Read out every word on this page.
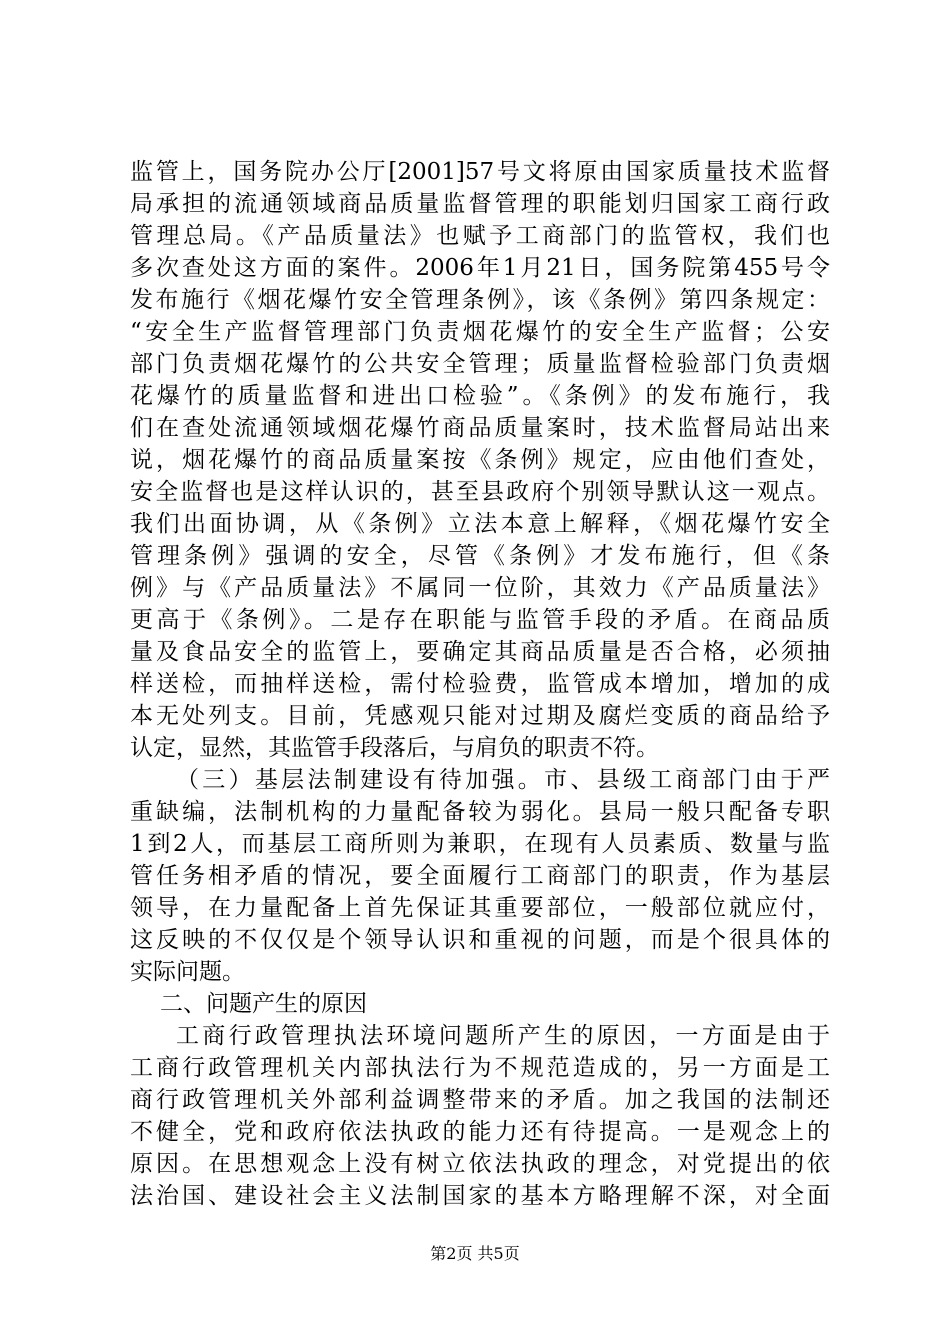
监管上，国务院办公厅[2001]57号文将原由国家质量技术监督
局承担的流通领域商品质量监督管理的职能划归国家工商行政
管理总局。《产品质量法》也赋予工商部门的监管权，我们也
多次查处这方面的案件。2006年1月21日，国务院第455号令
发布施行《烟花爆竹安全管理条例》，该《条例》第四条规定：
“安全生产监督管理部门负责烟花爆竹的安全生产监督；公安
部门负责烟花爆竹的公共安全管理；质量监督检验部门负责烟
花爆竹的质量监督和进出口检验”。《条例》的发布施行，我
们在查处流通领域烟花爆竹商品质量案时，技术监督局站出来
说，烟花爆竹的商品质量案按《条例》规定，应由他们查处，
安全监督也是这样认识的，甚至县政府个别领导默认这一观点。
我们出面协调，从《条例》立法本意上解释，《烟花爆竹安全
管理条例》强调的安全，尽管《条例》才发布施行，但《条
例》与《产品质量法》不属同一位阶，其效力《产品质量法》
更高于《条例》。二是存在职能与监管手段的矛盾。在商品质
量及食品安全的监管上，要确定其商品质量是否合格，必须抽
样送检，而抽样送检，需付检验费，监管成本增加，增加的成
本无处列支。目前，凭感观只能对过期及腐烂变质的商品给予
认定，显然，其监管手段落后，与肩负的职责不符。
（三）基层法制建设有待加强。市、县级工商部门由于严
重缺编，法制机构的力量配备较为弱化。县局一般只配备专职
1到2人，而基层工商所则为兼职，在现有人员素质、数量与监
管任务相矛盾的情况，要全面履行工商部门的职责，作为基层
领导，在力量配备上首先保证其重要部位，一般部位就应付，
这反映的不仅仅是个领导认识和重视的问题，而是个很具体的
实际问题。
二、问题产生的原因
工商行政管理执法环境问题所产生的原因，一方面是由于
工商行政管理机关内部执法行为不规范造成的，另一方面是工
商行政管理机关外部利益调整带来的矛盾。加之我国的法制还
不健全，党和政府依法执政的能力还有待提高。一是观念上的
原因。在思想观念上没有树立依法执政的理念，对党提出的依
法治国、建设社会主义法制国家的基本方略理解不深，对全面
第2页 共5页
